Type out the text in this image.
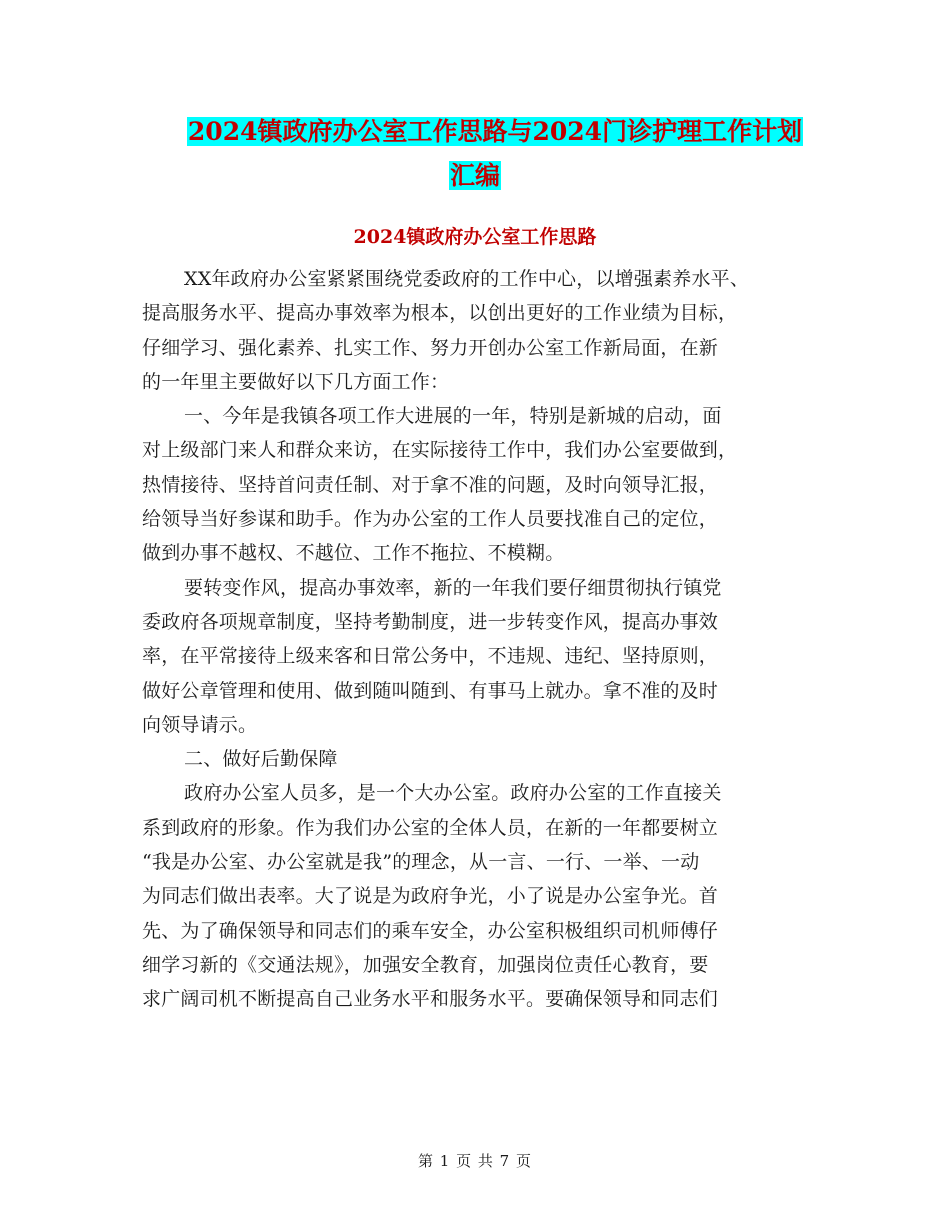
2024镇政府办公室工作思路与2024门诊护理工作计划
汇编
2024镇政府办公室工作思路
XX年政府办公室紧紧围绕党委政府的工作中心，以增强素养水平、
提高服务水平、提高办事效率为根本，以创出更好的工作业绩为目标，
仔细学习、强化素养、扎实工作、努力开创办公室工作新局面，在新
的一年里主要做好以下几方面工作：
一、今年是我镇各项工作大进展的一年，特别是新城的启动，面
对上级部门来人和群众来访，在实际接待工作中，我们办公室要做到，
热情接待、坚持首问责任制、对于拿不准的问题，及时向领导汇报，
给领导当好参谋和助手。作为办公室的工作人员要找准自己的定位，
做到办事不越权、不越位、工作不拖拉、不模糊。
要转变作风，提高办事效率，新的一年我们要仔细贯彻执行镇党
委政府各项规章制度，坚持考勤制度，进一步转变作风，提高办事效
率，在平常接待上级来客和日常公务中，不违规、违纪、坚持原则，
做好公章管理和使用、做到随叫随到、有事马上就办。拿不准的及时
向领导请示。
二、做好后勤保障
政府办公室人员多，是一个大办公室。政府办公室的工作直接关
系到政府的形象。作为我们办公室的全体人员，在新的一年都要树立
“我是办公室、办公室就是我”的理念，从一言、一行、一举、一动
为同志们做出表率。大了说是为政府争光，小了说是办公室争光。首
先、为了确保领导和同志们的乘车安全，办公室积极组织司机师傅仔
细学习新的《交通法规》，加强安全教育，加强岗位责任心教育，要
求广阔司机不断提高自己业务水平和服务水平。要确保领导和同志们
第 1 页 共 7 页
